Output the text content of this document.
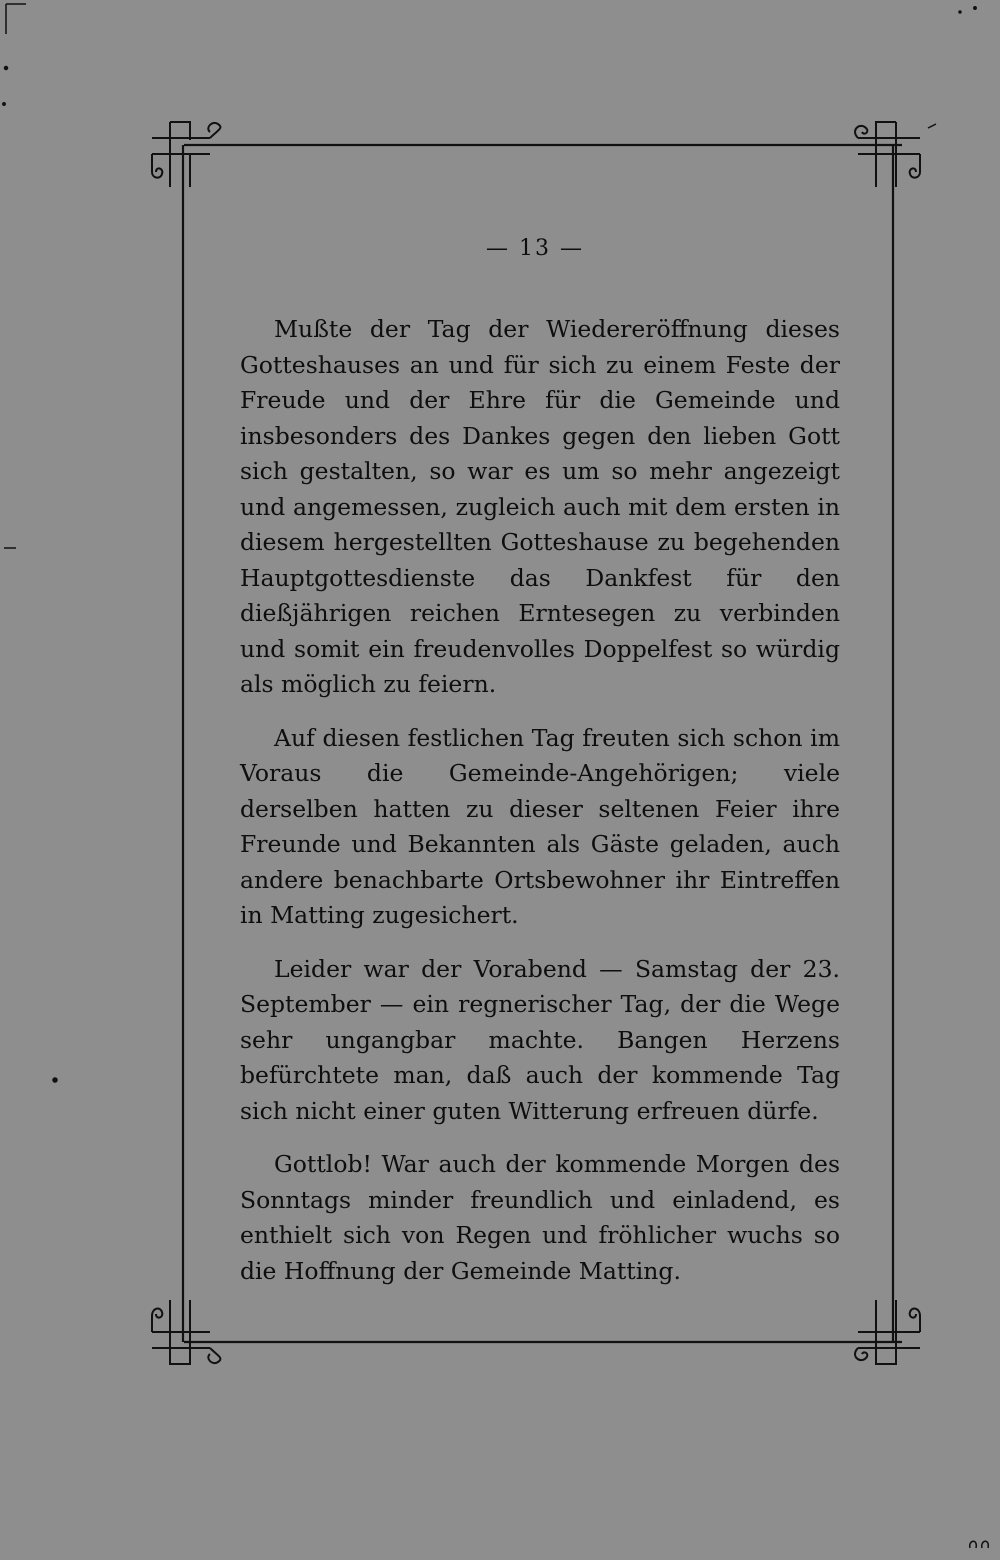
— 13 —

Mußte der Tag der Wiedereröffnung dieses Gotteshauses an und für sich zu einem Feste der Freude und der Ehre für die Gemeinde und insbesonders des Dankes gegen den lieben Gott sich gestalten, so war es um so mehr angezeigt und angemessen, zugleich auch mit dem ersten in diesem hergestellten Gotteshause zu begehenden Hauptgottesdienste das Dankfest für den dießjährigen reichen Erntesegen zu verbinden und somit ein freudenvolles Doppelfest so würdig als möglich zu feiern.

Auf diesen festlichen Tag freuten sich schon im Voraus die Gemeinde-Angehörigen; viele derselben hatten zu dieser seltenen Feier ihre Freunde und Bekannten als Gäste geladen, auch andere benachbarte Ortsbewohner ihr Eintreffen in Matting zugesichert.

Leider war der Vorabend — Samstag der 23. September — ein regnerischer Tag, der die Wege sehr ungangbar machte. Bangen Herzens befürchtete man, daß auch der kommende Tag sich nicht einer guten Witterung erfreuen dürfe.

Gottlob! War auch der kommende Morgen des Sonntags minder freundlich und einladend, es enthielt sich von Regen und fröhlicher wuchs so die Hoffnung der Gemeinde Matting.
